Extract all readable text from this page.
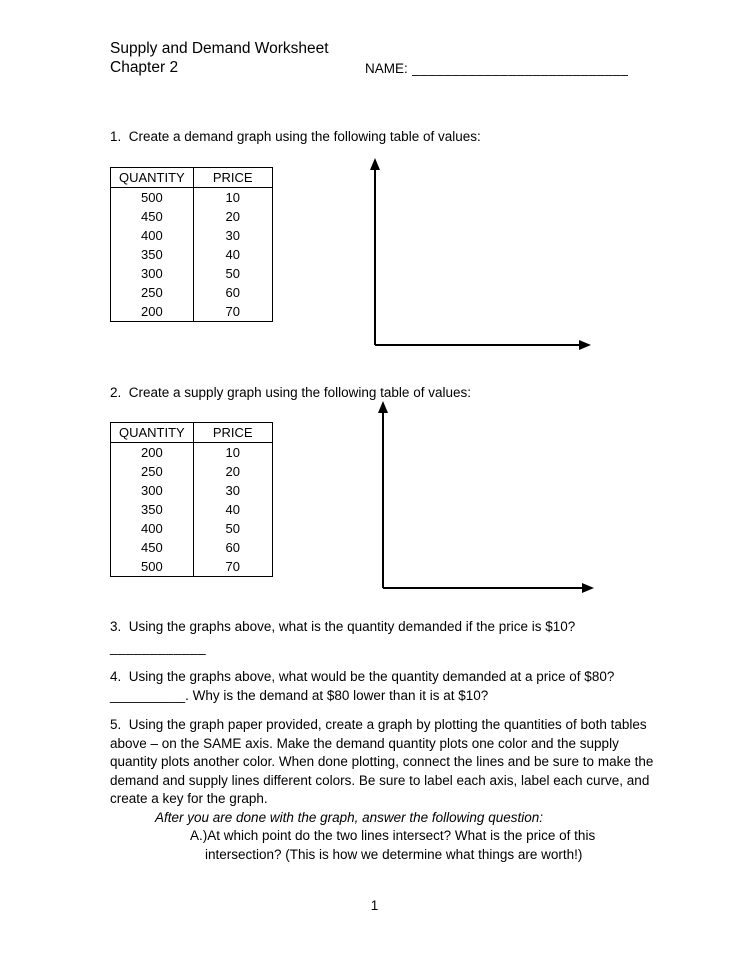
Supply and Demand Worksheet
Chapter 2	NAME: ___________________________
1.  Create a demand graph using the following table of values:
QUANTITY	PRICE
500	10
450	20
400	30
350	40
300	50
250	60
200	70
2.  Create a supply graph using the following table of values:
QUANTITY	PRICE
200	10
250	20
300	30
350	40
400	50
450	60
500	70
3.  Using the graphs above, what is the quantity demanded if the price is $10?
____________
4.  Using the graphs above, what would be the quantity demanded at a price of $80?  __________. Why is the demand at $80 lower than it is at $10?
5.  Using the graph paper provided, create a graph by plotting the quantities of both tables above – on the SAME axis. Make the demand quantity plots one color and the supply quantity plots another color. When done plotting, connect the lines and be sure to make the demand and supply lines different colors. Be sure to label each axis, label each curve, and create a key for the graph.
After you are done with the graph, answer the following question:
A.)At which point do the two lines intersect? What is the price of this intersection? (This is how we determine what things are worth!)
1
